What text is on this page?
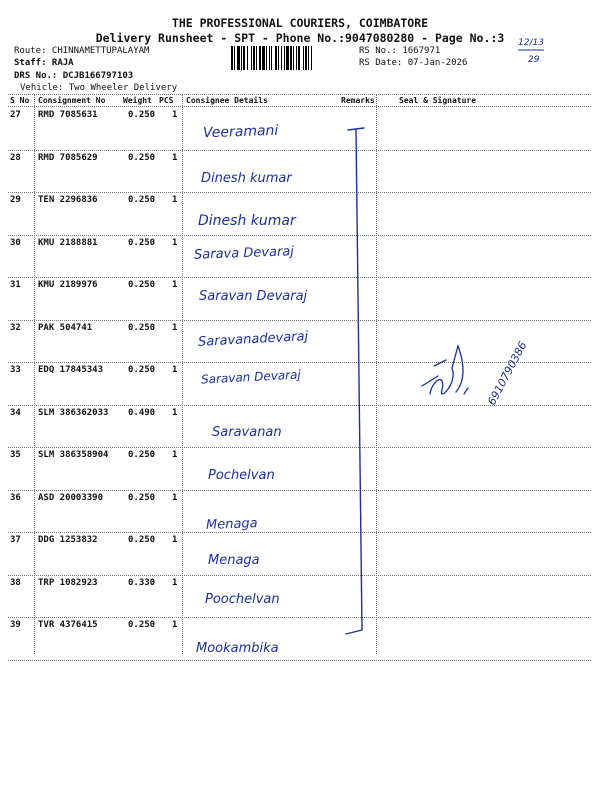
THE PROFESSIONAL COURIERS, COIMBATORE
Delivery Runsheet - SPT - Phone No.:9047080280 - Page No.:3
Route: CHINNAMETTUPALAYAM
Staff: RAJA
DRS No.: DCJB166797103
Vehicle: Two Wheeler Delivery
RS No.: 1667971
RS Date: 07-Jan-2026
12/13
29
S No Consignment No Weight PCS Consignee Details	Remarks	Seal & Signature
27 RMD 7085631	0.250 1
Veeramani
28 RMD 7085629	0.250 1
Dinesh kumar
29 TEN 2296836	0.250 1
Dinesh kumar
30 KMU 2188881	0.250 1
Sarava Devaraj
31 KMU 2189976	0.250 1
Saravan Devaraj
32 PAK 504741	0.250 1
Saravanadevaraj
33 EDQ 17845343	0.250 1 Saravan Devaraj
34 SLM 386362033 0.490 1
Saravanan
35 SLM 386358904 0.250 1
Pochelvan
36 ASD 20003390	0.250 1
Menaga
37 DDG 1253832	0.250 1
Menaga
38 TRP 1082923	0.330 1
Poochelvan
39 TVR 4376415	0.250 1
Mookambika
6910790386
